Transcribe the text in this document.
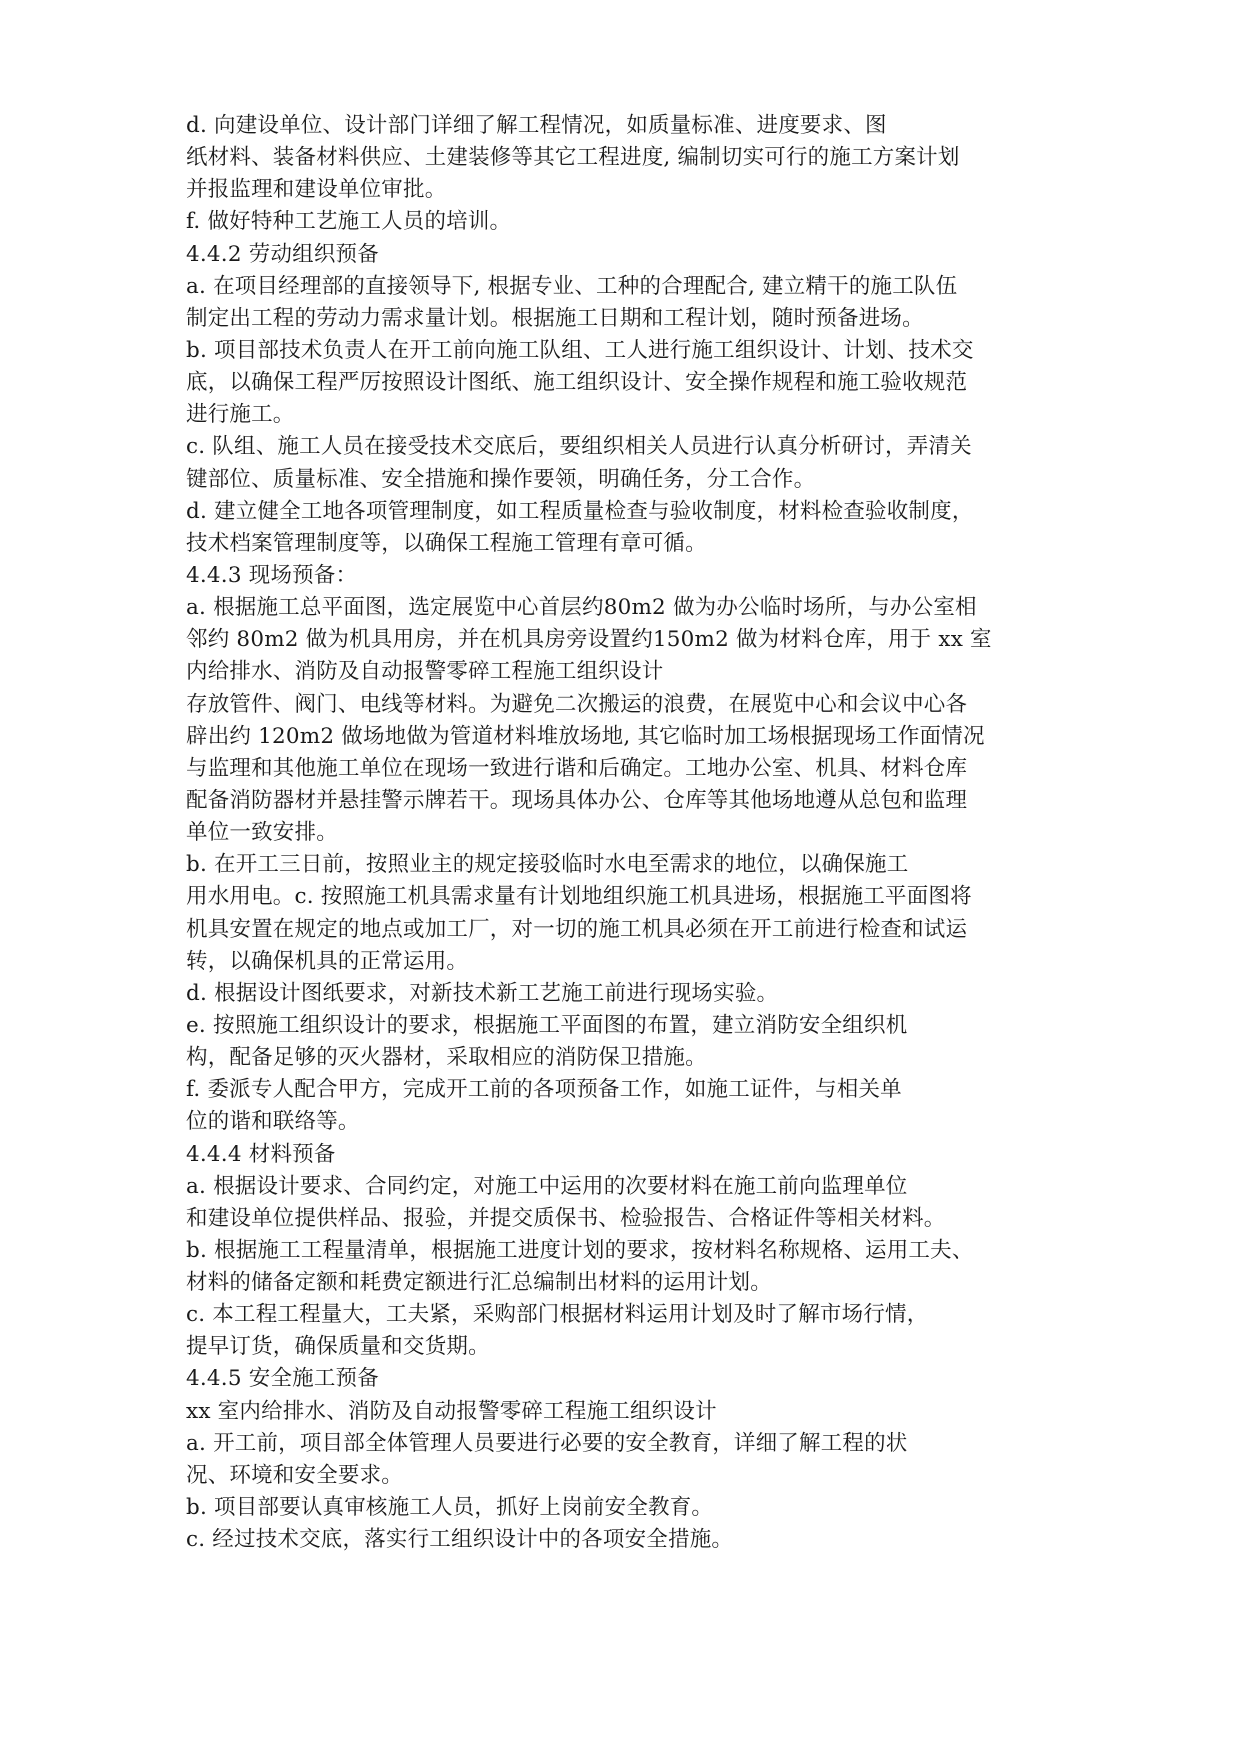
d. 向建设单位、设计部门详细了解工程情况，如质量标准、进度要求、图
纸材料、装备材料供应、土建装修等其它工程进度, 编制切实可行的施工方案计划
并报监理和建设单位审批。
f. 做好特种工艺施工人员的培训。
4.4.2 劳动组织预备
a. 在项目经理部的直接领导下, 根据专业、工种的合理配合, 建立精干的施工队伍
制定出工程的劳动力需求量计划。根据施工日期和工程计划，随时预备进场。
b. 项目部技术负责人在开工前向施工队组、工人进行施工组织设计、计划、技术交
底，以确保工程严厉按照设计图纸、施工组织设计、安全操作规程和施工验收规范
进行施工。
c. 队组、施工人员在接受技术交底后，要组织相关人员进行认真分析研讨，弄清关
键部位、质量标准、安全措施和操作要领，明确任务，分工合作。
d. 建立健全工地各项管理制度，如工程质量检查与验收制度，材料检查验收制度，
技术档案管理制度等，以确保工程施工管理有章可循。
4.4.3 现场预备：
a. 根据施工总平面图，选定展览中心首层约80m2 做为办公临时场所，与办公室相
邻约 80m2 做为机具用房，并在机具房旁设置约150m2 做为材料仓库，用于 xx 室
内给排水、消防及自动报警零碎工程施工组织设计
存放管件、阀门、电线等材料。为避免二次搬运的浪费，在展览中心和会议中心各
辟出约 120m2 做场地做为管道材料堆放场地, 其它临时加工场根据现场工作面情况
与监理和其他施工单位在现场一致进行谐和后确定。工地办公室、机具、材料仓库
配备消防器材并悬挂警示牌若干。现场具体办公、仓库等其他场地遵从总包和监理
单位一致安排。
b. 在开工三日前，按照业主的规定接驳临时水电至需求的地位，以确保施工
用水用电。c. 按照施工机具需求量有计划地组织施工机具进场，根据施工平面图将
机具安置在规定的地点或加工厂，对一切的施工机具必须在开工前进行检查和试运
转，以确保机具的正常运用。
d. 根据设计图纸要求，对新技术新工艺施工前进行现场实验。
e. 按照施工组织设计的要求，根据施工平面图的布置，建立消防安全组织机
构，配备足够的灭火器材，采取相应的消防保卫措施。
f. 委派专人配合甲方，完成开工前的各项预备工作，如施工证件，与相关单
位的谐和联络等。
4.4.4 材料预备
a. 根据设计要求、合同约定，对施工中运用的次要材料在施工前向监理单位
和建设单位提供样品、报验，并提交质保书、检验报告、合格证件等相关材料。
b. 根据施工工程量清单，根据施工进度计划的要求，按材料名称规格、运用工夫、
材料的储备定额和耗费定额进行汇总编制出材料的运用计划。
c. 本工程工程量大，工夫紧，采购部门根据材料运用计划及时了解市场行情，
提早订货，确保质量和交货期。
4.4.5 安全施工预备
xx 室内给排水、消防及自动报警零碎工程施工组织设计
a. 开工前，项目部全体管理人员要进行必要的安全教育，详细了解工程的状
况、环境和安全要求。
b. 项目部要认真审核施工人员，抓好上岗前安全教育。
c. 经过技术交底，落实行工组织设计中的各项安全措施。
